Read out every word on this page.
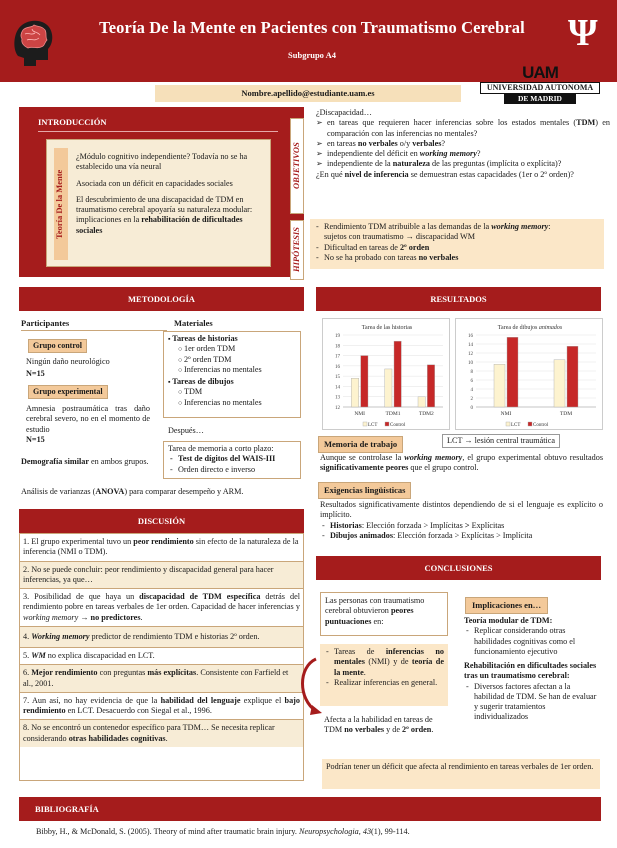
Teoría De la Mente en Pacientes con Traumatismo Cerebral
Subgrupo A4
Ψ
Nombre.apellido@estudiante.uam.es
UAM
UNIVERSIDAD AUTONOMA
DE MADRID
INTRODUCCIÓN
Teoría De la Mente

¿Módulo cognitivo independiente? Todavía no se ha establecido una vía neural

Asociada con un déficit en capacidades sociales

El descubrimiento de una discapacidad de TDM en traumatismo cerebral apoyaría su naturaleza modular: implicaciones en la rehabilitación de dificultades sociales

OBJETIVOS

¿Discapacidad…

➢ en tareas que requieren hacer inferencias sobre los estados mentales (TDM) en comparación con las inferencias no mentales?
➢ en tareas no verbales o/y verbales?
➢ independiente del déficit en working memory?
➢ independiente de la naturaleza de las preguntas (implícita o explícita)?

¿En qué nivel de inferencia se demuestran estas capacidades (1er o 2º orden)?

HIPÓTESIS
- Rendimiento TDM atribuible a las demandas de la working memory:
sujetos con traumatismo → discapacidad WM
- Dificultad en tareas de 2º orden
- No se ha probado con tareas no verbales
METODOLOGÍA
Participantes
Grupo control
Ningún daño neurológico
N=15
Grupo experimental
Amnesia postraumática tras daño cerebral severo, no en el momento de estudio
N=15
Materiales
▪ Tareas de historias
○ 1er orden TDM
○ 2º orden TDM
○ Inferencias no mentales
▪ Tareas de dibujos
○ TDM
○ Inferencias no mentales
Después…
Tarea de memoria a corto plazo:
- Test de dígitos del WAIS-III
- Orden directo e inverso
Demografía similar en ambos grupos.
Análisis de varianzas (ANOVA) para comparar desempeño y ARM.
RESULTADOS
Tarea de las historias
12
13
14
15
16
17
18
19
NMI	TDM1	TDM2
LCT	Control
Tarea de dibujos animados
0
2
4
6
8
10
12
14
16
NMI	TDM
LCT	Control
Memoria de trabajo	LCT → lesión central traumática
Aunque se controlase la working memory, el grupo experimental obtuvo resultados significativamente peores que el grupo control.
Exigencias lingüísticas

Resultados significativamente distintos dependiendo de si el lenguaje es explícito o implícito.

- Historias: Elección forzada > Implícitas > Explícitas
- Dibujos animados: Elección forzada > Explícitas > Implícita
DISCUSIÓN
1. El grupo experimental tuvo un peor rendimiento sin efecto de la naturaleza de la inferencia (NMI o TDM).
2. No se puede concluir: peor rendimiento y discapacidad general para hacer inferencias, ya que…
3. Posibilidad de que haya un discapacidad de TDM específica detrás del rendimiento pobre en tareas verbales de 1er orden. Capacidad de hacer inferencias y working memory → no predictores.
4. Working memory predictor de rendimiento TDM e historias 2º orden.
5. WM no explica discapacidad en LCT.
6. Mejor rendimiento con preguntas más explícitas. Consistente con Farfield et al., 2001.
7. Aun así, no hay evidencia de que la habilidad del lenguaje explique el bajo rendimiento en LCT. Desacuerdo con Siegal et al., 1996.
8. No se encontró un contenedor específico para TDM… Se necesita replicar considerando otras habilidades cognitivas.
CONCLUSIONES
Las personas con traumatismo cerebral obtuvieron peores puntuaciones en:
- Tareas de inferencias no mentales (NMI) y de teoría de la mente.
- Realizar inferencias en general.
Afecta a la habilidad en tareas de TDM no verbales y de 2º orden.
Podrían tener un déficit que afecta al rendimiento en tareas verbales de 1er orden.
Implicaciones en…
Teoría modular de TDM:
- Replicar considerando otras habilidades cognitivas como el funcionamiento ejecutivo
Rehabilitación en dificultades sociales tras un traumatismo cerebral:
- Diversos factores afectan a la habilidad de TDM. Se han de evaluar y sugerir tratamientos individualizados
BIBLIOGRAFÍA
Bibby, H., & McDonald, S. (2005). Theory of mind after traumatic brain injury. Neuropsychologia, 43(1), 99-114.
